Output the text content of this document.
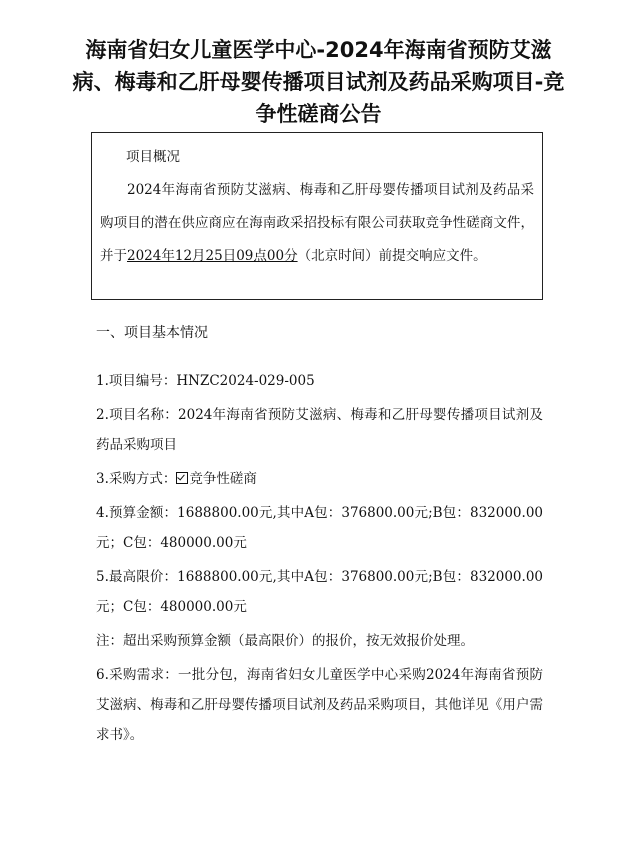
海南省妇女儿童医学中心-2024年海南省预防艾滋病、梅毒和乙肝母婴传播项目试剂及药品采购项目-竞争性磋商公告
项目概况

2024年海南省预防艾滋病、梅毒和乙肝母婴传播项目试剂及药品采购项目的潜在供应商应在海南政采招投标有限公司获取竞争性磋商文件，并于2024年12月25日09点00分（北京时间）前提交响应文件。

一、项目基本情况

1.项目编号：HNZC2024-029-005

2.项目名称：2024年海南省预防艾滋病、梅毒和乙肝母婴传播项目试剂及药品采购项目

3.采购方式： 竞争性磋商

4.预算金额：1688800.00元,其中A包：376800.00元;B包：832000.00元；C包：480000.00元

5.最高限价：1688800.00元,其中A包：376800.00元;B包：832000.00元；C包：480000.00元

注：超出采购预算金额（最高限价）的报价，按无效报价处理。

6.采购需求：一批分包，海南省妇女儿童医学中心采购2024年海南省预防艾滋病、梅毒和乙肝母婴传播项目试剂及药品采购项目，其他详见《用户需求书》。
